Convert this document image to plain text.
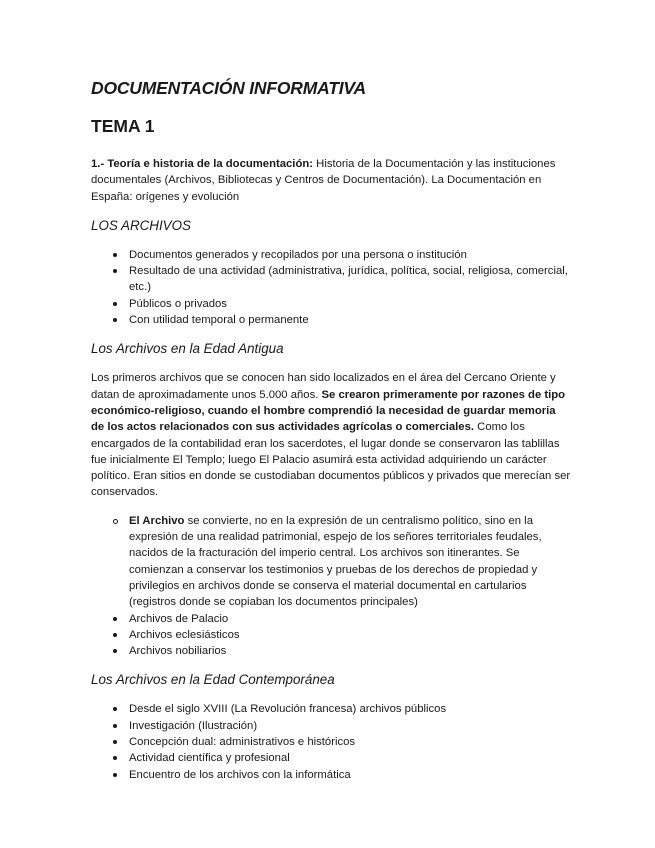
DOCUMENTACIÓN INFORMATIVA
TEMA 1

1.- Teoría e historia de la documentación: Historia de la Documentación y las instituciones documentales (Archivos, Bibliotecas y Centros de Documentación). La Documentación en España: orígenes y evolución

LOS ARCHIVOS
Documentos generados y recopilados por una persona o institución
Resultado de una actividad (administrativa, jurídica, política, social, religiosa, comercial, etc.)
Públicos o privados
Con utilidad temporal o permanente
Los Archivos en la Edad Antigua

Los primeros archivos que se conocen han sido localizados en el área del Cercano Oriente y datan de aproximadamente unos 5.000 años. Se crearon primeramente por razones de tipo económico-religioso, cuando el hombre comprendió la necesidad de guardar memoria de los actos relacionados con sus actividades agrícolas o comerciales. Como los encargados de la contabilidad eran los sacerdotes, el lugar donde se conservaron las tablillas fue inicialmente El Templo; luego El Palacio asumirá esta actividad adquiriendo un carácter político. Eran sitios en donde se custodiaban documentos públicos y privados que merecían ser conservados.

El Archivo se convierte, no en la expresión de un centralismo político, sino en la expresión de una realidad patrimonial, espejo de los señores territoriales feudales, nacidos de la fracturación del imperio central. Los archivos son itinerantes. Se comienzan a conservar los testimonios y pruebas de los derechos de propiedad y privilegios en archivos donde se conserva el material documental en cartularios (registros donde se copiaban los documentos principales)
Archivos de Palacio
Archivos eclesiásticos
Archivos nobiliarios
Los Archivos en la Edad Contemporánea
Desde el siglo XVIII (La Revolución francesa) archivos públicos
Investigación (Ilustración)
Concepción dual: administrativos e históricos
Actividad científica y profesional
Encuentro de los archivos con la informática
